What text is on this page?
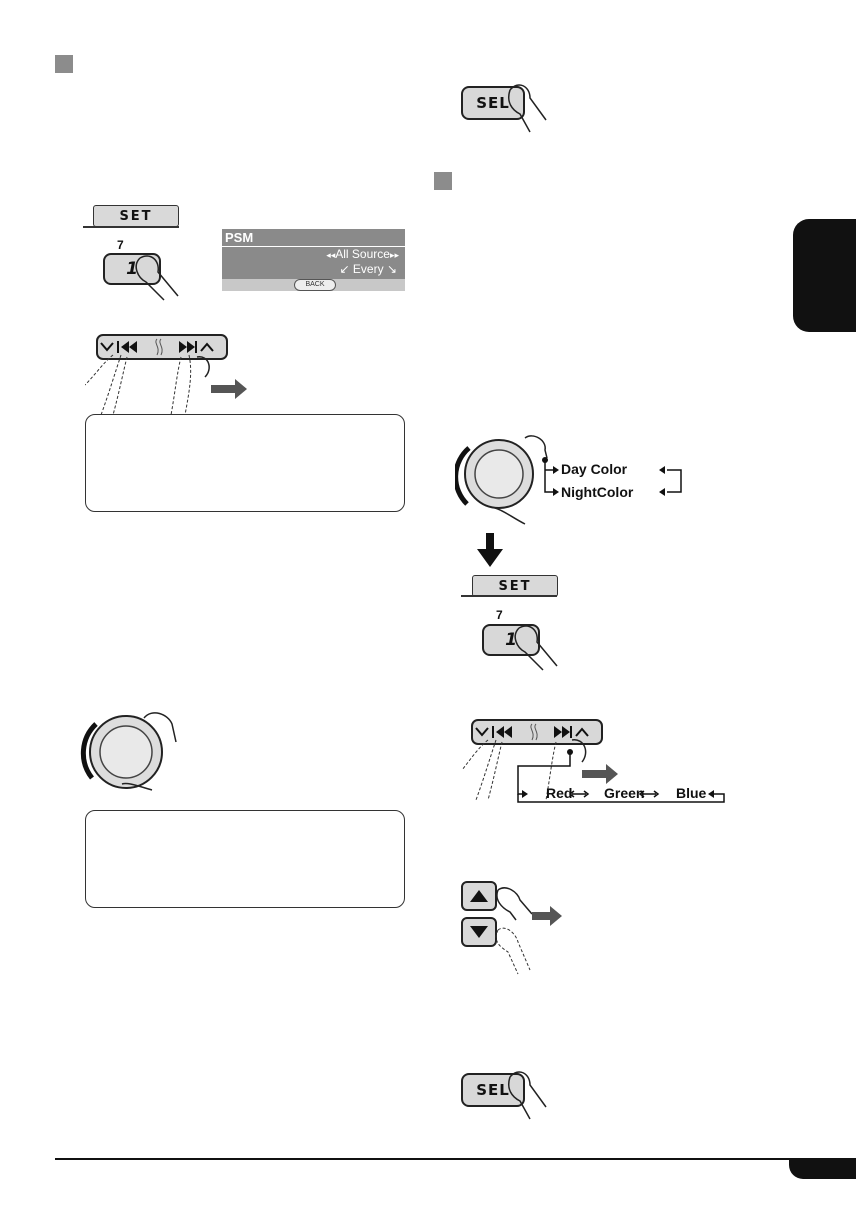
SET
7
1
PSM
◂◂All Source▸▸
↙ Every ↘
BACK
SEL
Day Color
NightColor
SET
7
1
Red Green Blue
SEL
